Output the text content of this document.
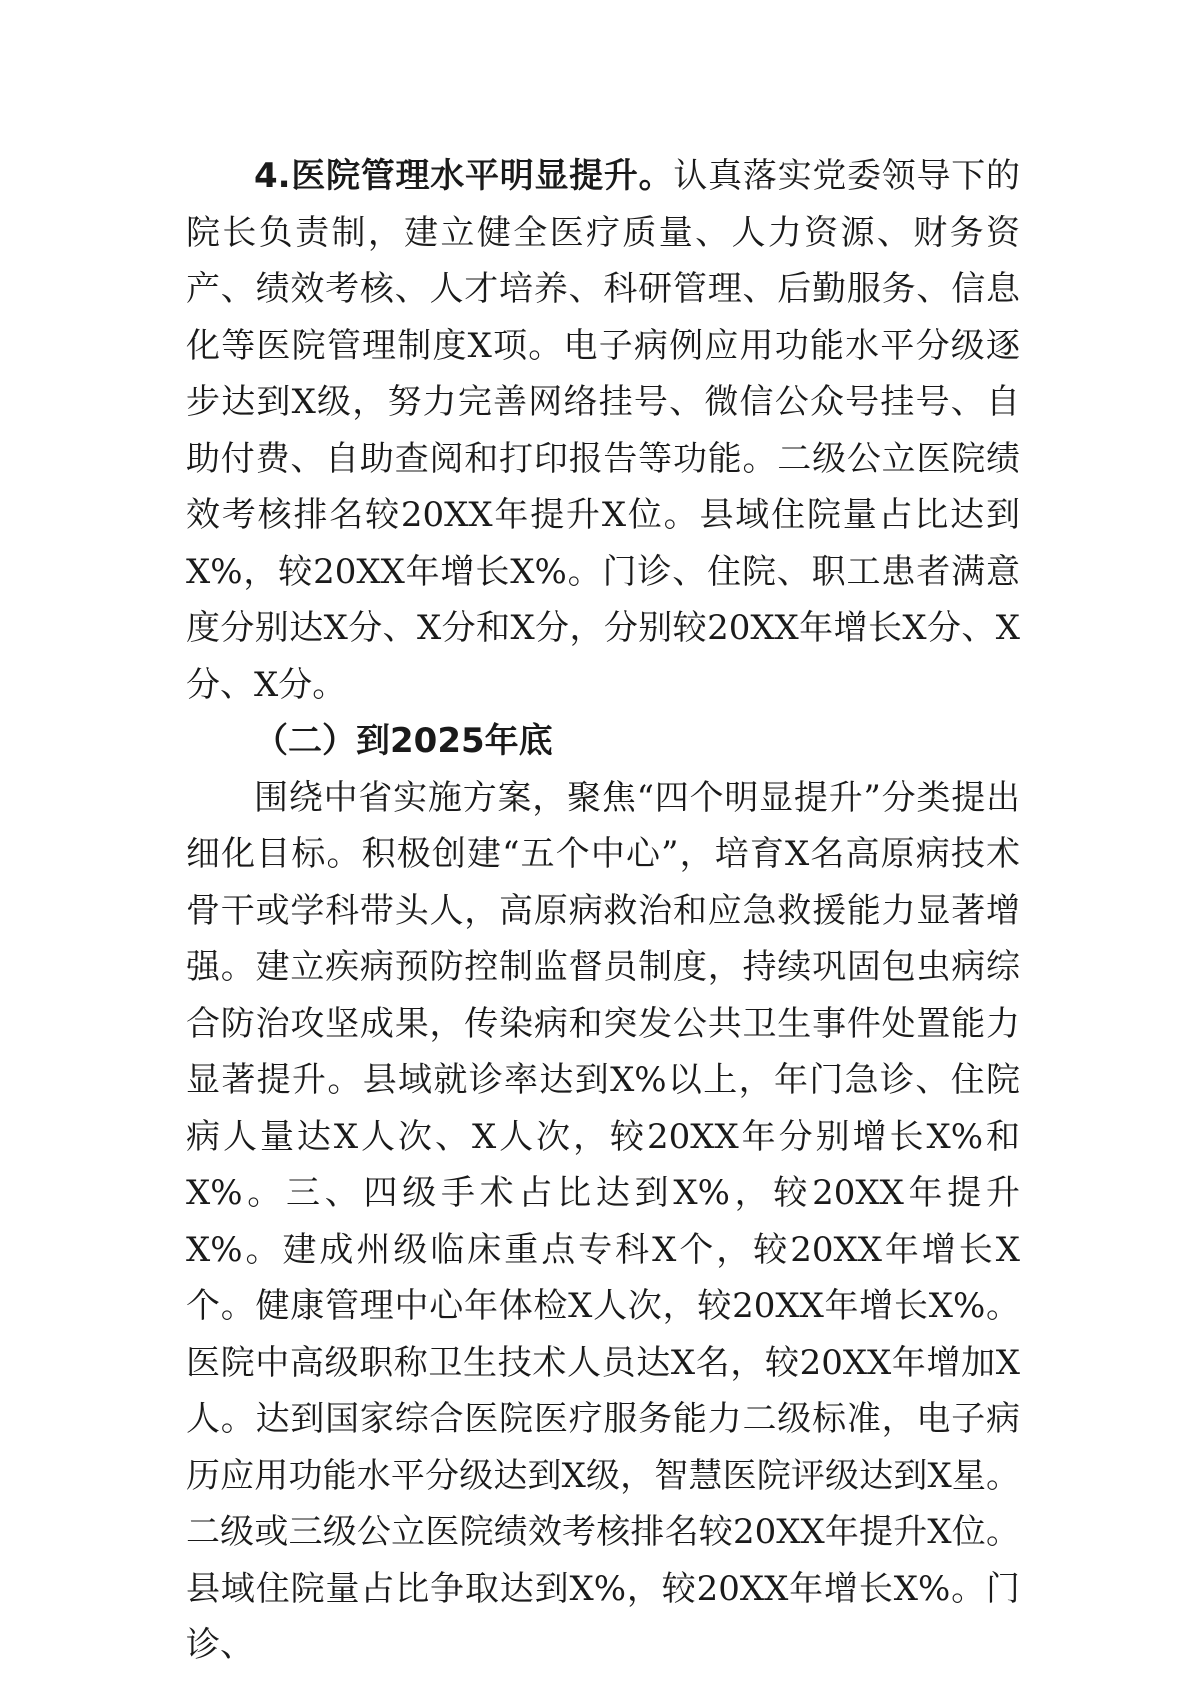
4.医院管理水平明显提升。认真落实党委领导下的院长负责制，建立健全医疗质量、人力资源、财务资产、绩效考核、人才培养、科研管理、后勤服务、信息化等医院管理制度X项。电子病例应用功能水平分级逐步达到X级，努力完善网络挂号、微信公众号挂号、自助付费、自助查阅和打印报告等功能。二级公立医院绩效考核排名较20XX年提升X位。县域住院量占比达到X%，较20XX年增长X%。门诊、住院、职工患者满意度分别达X分、X分和X分，分别较20XX年增长X分、X分、X分。

（二）到2025年底

围绕中省实施方案，聚焦“四个明显提升”分类提出细化目标。积极创建“五个中心”，培育X名高原病技术骨干或学科带头人，高原病救治和应急救援能力显著增强。建立疾病预防控制监督员制度，持续巩固包虫病综合防治攻坚成果，传染病和突发公共卫生事件处置能力显著提升。县域就诊率达到X%以上，年门急诊、住院病人量达X人次、X人次，较20XX年分别增长X%和X%。三、四级手术占比达到X%，较20XX年提升X%。建成州级临床重点专科X个，较20XX年增长X个。健康管理中心年体检X人次，较20XX年增长X%。医院中高级职称卫生技术人员达X名，较20XX年增加X人。达到国家综合医院医疗服务能力二级标准，电子病历应用功能水平分级达到X级，智慧医院评级达到X星。二级或三级公立医院绩效考核排名较20XX年提升X位。县域住院量占比争取达到X%，较20XX年增长X%。门诊、
